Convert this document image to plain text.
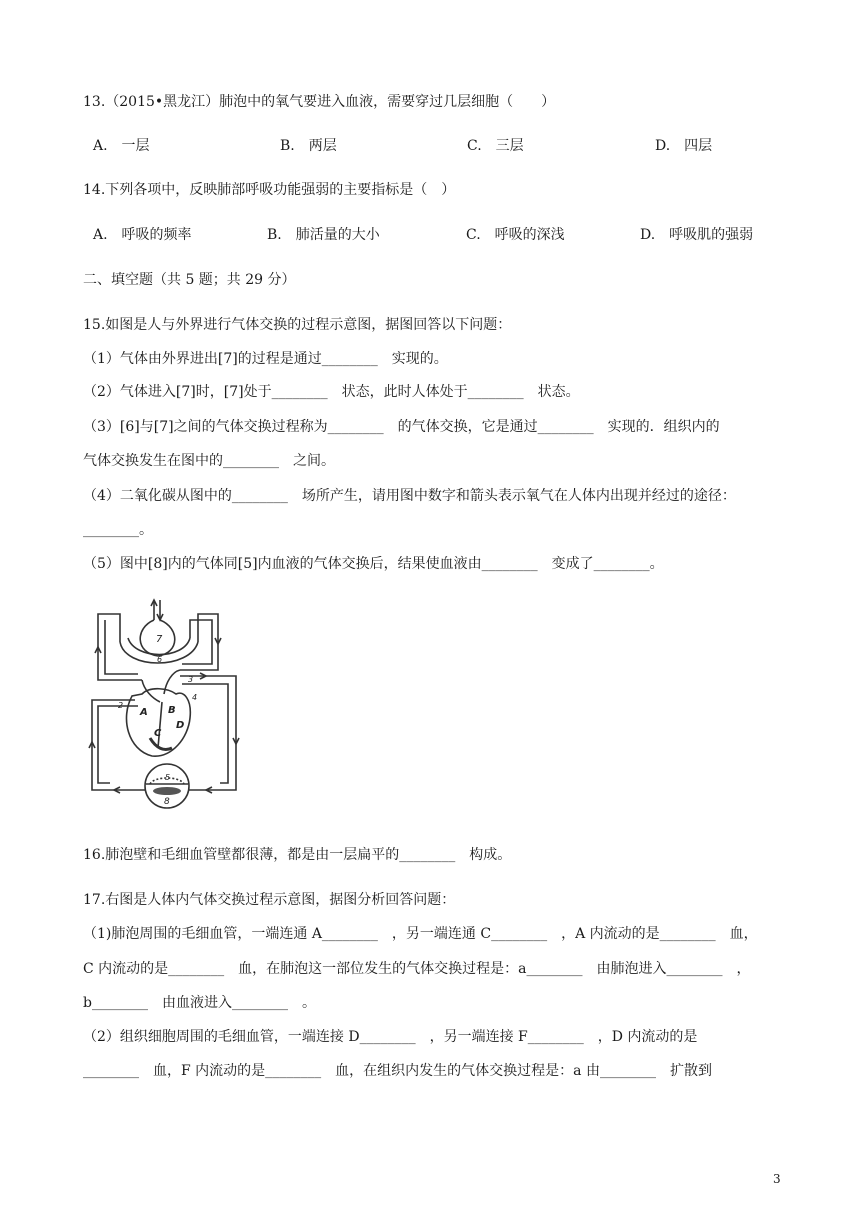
13.（2015•黑龙江）肺泡中的氧气要进入血液，需要穿过几层细胞（　　）
A.　一层	B.　两层	C.　三层	D.　四层
14.下列各项中，反映肺部呼吸功能强弱的主要指标是（　）
A.　呼吸的频率	B.　肺活量的大小	C.　呼吸的深浅	D.　呼吸肌的强弱
二、填空题（共 5 题；共 29 分）
15.如图是人与外界进行气体交换的过程示意图，据图回答以下问题：
（1）气体由外界进出[7]的过程是通过________　实现的。
（2）气体进入[7]时，[7]处于________　状态，此时人体处于________　状态。
（3）[6]与[7]之间的气体交换过程称为________　的气体交换，它是通过________　实现的．组织内的
气体交换发生在图中的________　之间。
（4）二氧化碳从图中的________　场所产生，请用图中数字和箭头表示氧气在人体内出现并经过的途径：
________。
（5）图中[8]内的气体同[5]内血液的气体交换后，结果使血液由________　变成了________。
7
6
3
2
4
A B
C
D
5
8
16.肺泡壁和毛细血管壁都很薄，都是由一层扁平的________　构成。
17.右图是人体内气体交换过程示意图，据图分析回答问题：
（1)肺泡周围的毛细血管，一端连通 A________　，另一端连通 C________　，A 内流动的是________　血，
C 内流动的是________　血，在肺泡这一部位发生的气体交换过程是：a________　由肺泡进入________　，
b________　由血液进入________　。
（2）组织细胞周围的毛细血管，一端连接 D________　，另一端连接 F________　，D 内流动的是
________　血，F 内流动的是________　血，在组织内发生的气体交换过程是：a 由________　扩散到
3
